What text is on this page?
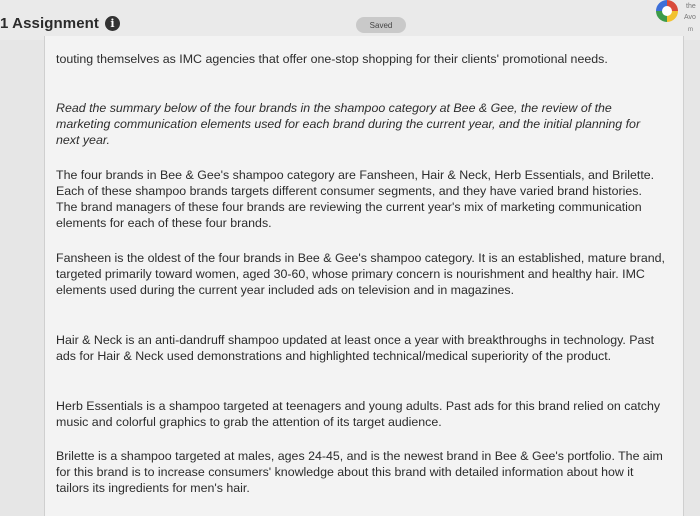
1 Assignment	i	Saved
the
Avo
m
touting themselves as IMC agencies that offer one-stop shopping for their clients' promotional needs.
Read the summary below of the four brands in the shampoo category at Bee & Gee, the review of the marketing communication elements used for each brand during the current year, and the initial planning for next year.
The four brands in Bee & Gee's shampoo category are Fansheen, Hair & Neck, Herb Essentials, and Brilette. Each of these shampoo brands targets different consumer segments, and they have varied brand histories. The brand managers of these four brands are reviewing the current year's mix of marketing communication elements for each of these four brands.
Fansheen is the oldest of the four brands in Bee & Gee's shampoo category. It is an established, mature brand, targeted primarily toward women, aged 30-60, whose primary concern is nourishment and healthy hair. IMC elements used during the current year included ads on television and in magazines.
Hair & Neck is an anti-dandruff shampoo updated at least once a year with breakthroughs in technology. Past ads for Hair & Neck used demonstrations and highlighted technical/medical superiority of the product.
Herb Essentials is a shampoo targeted at teenagers and young adults. Past ads for this brand relied on catchy music and colorful graphics to grab the attention of its target audience.
Brilette is a shampoo targeted at males, ages 24-45, and is the newest brand in Bee & Gee's portfolio. The aim for this brand is to increase consumers' knowledge about this brand with detailed information about how it tailors its ingredients for men's hair.
